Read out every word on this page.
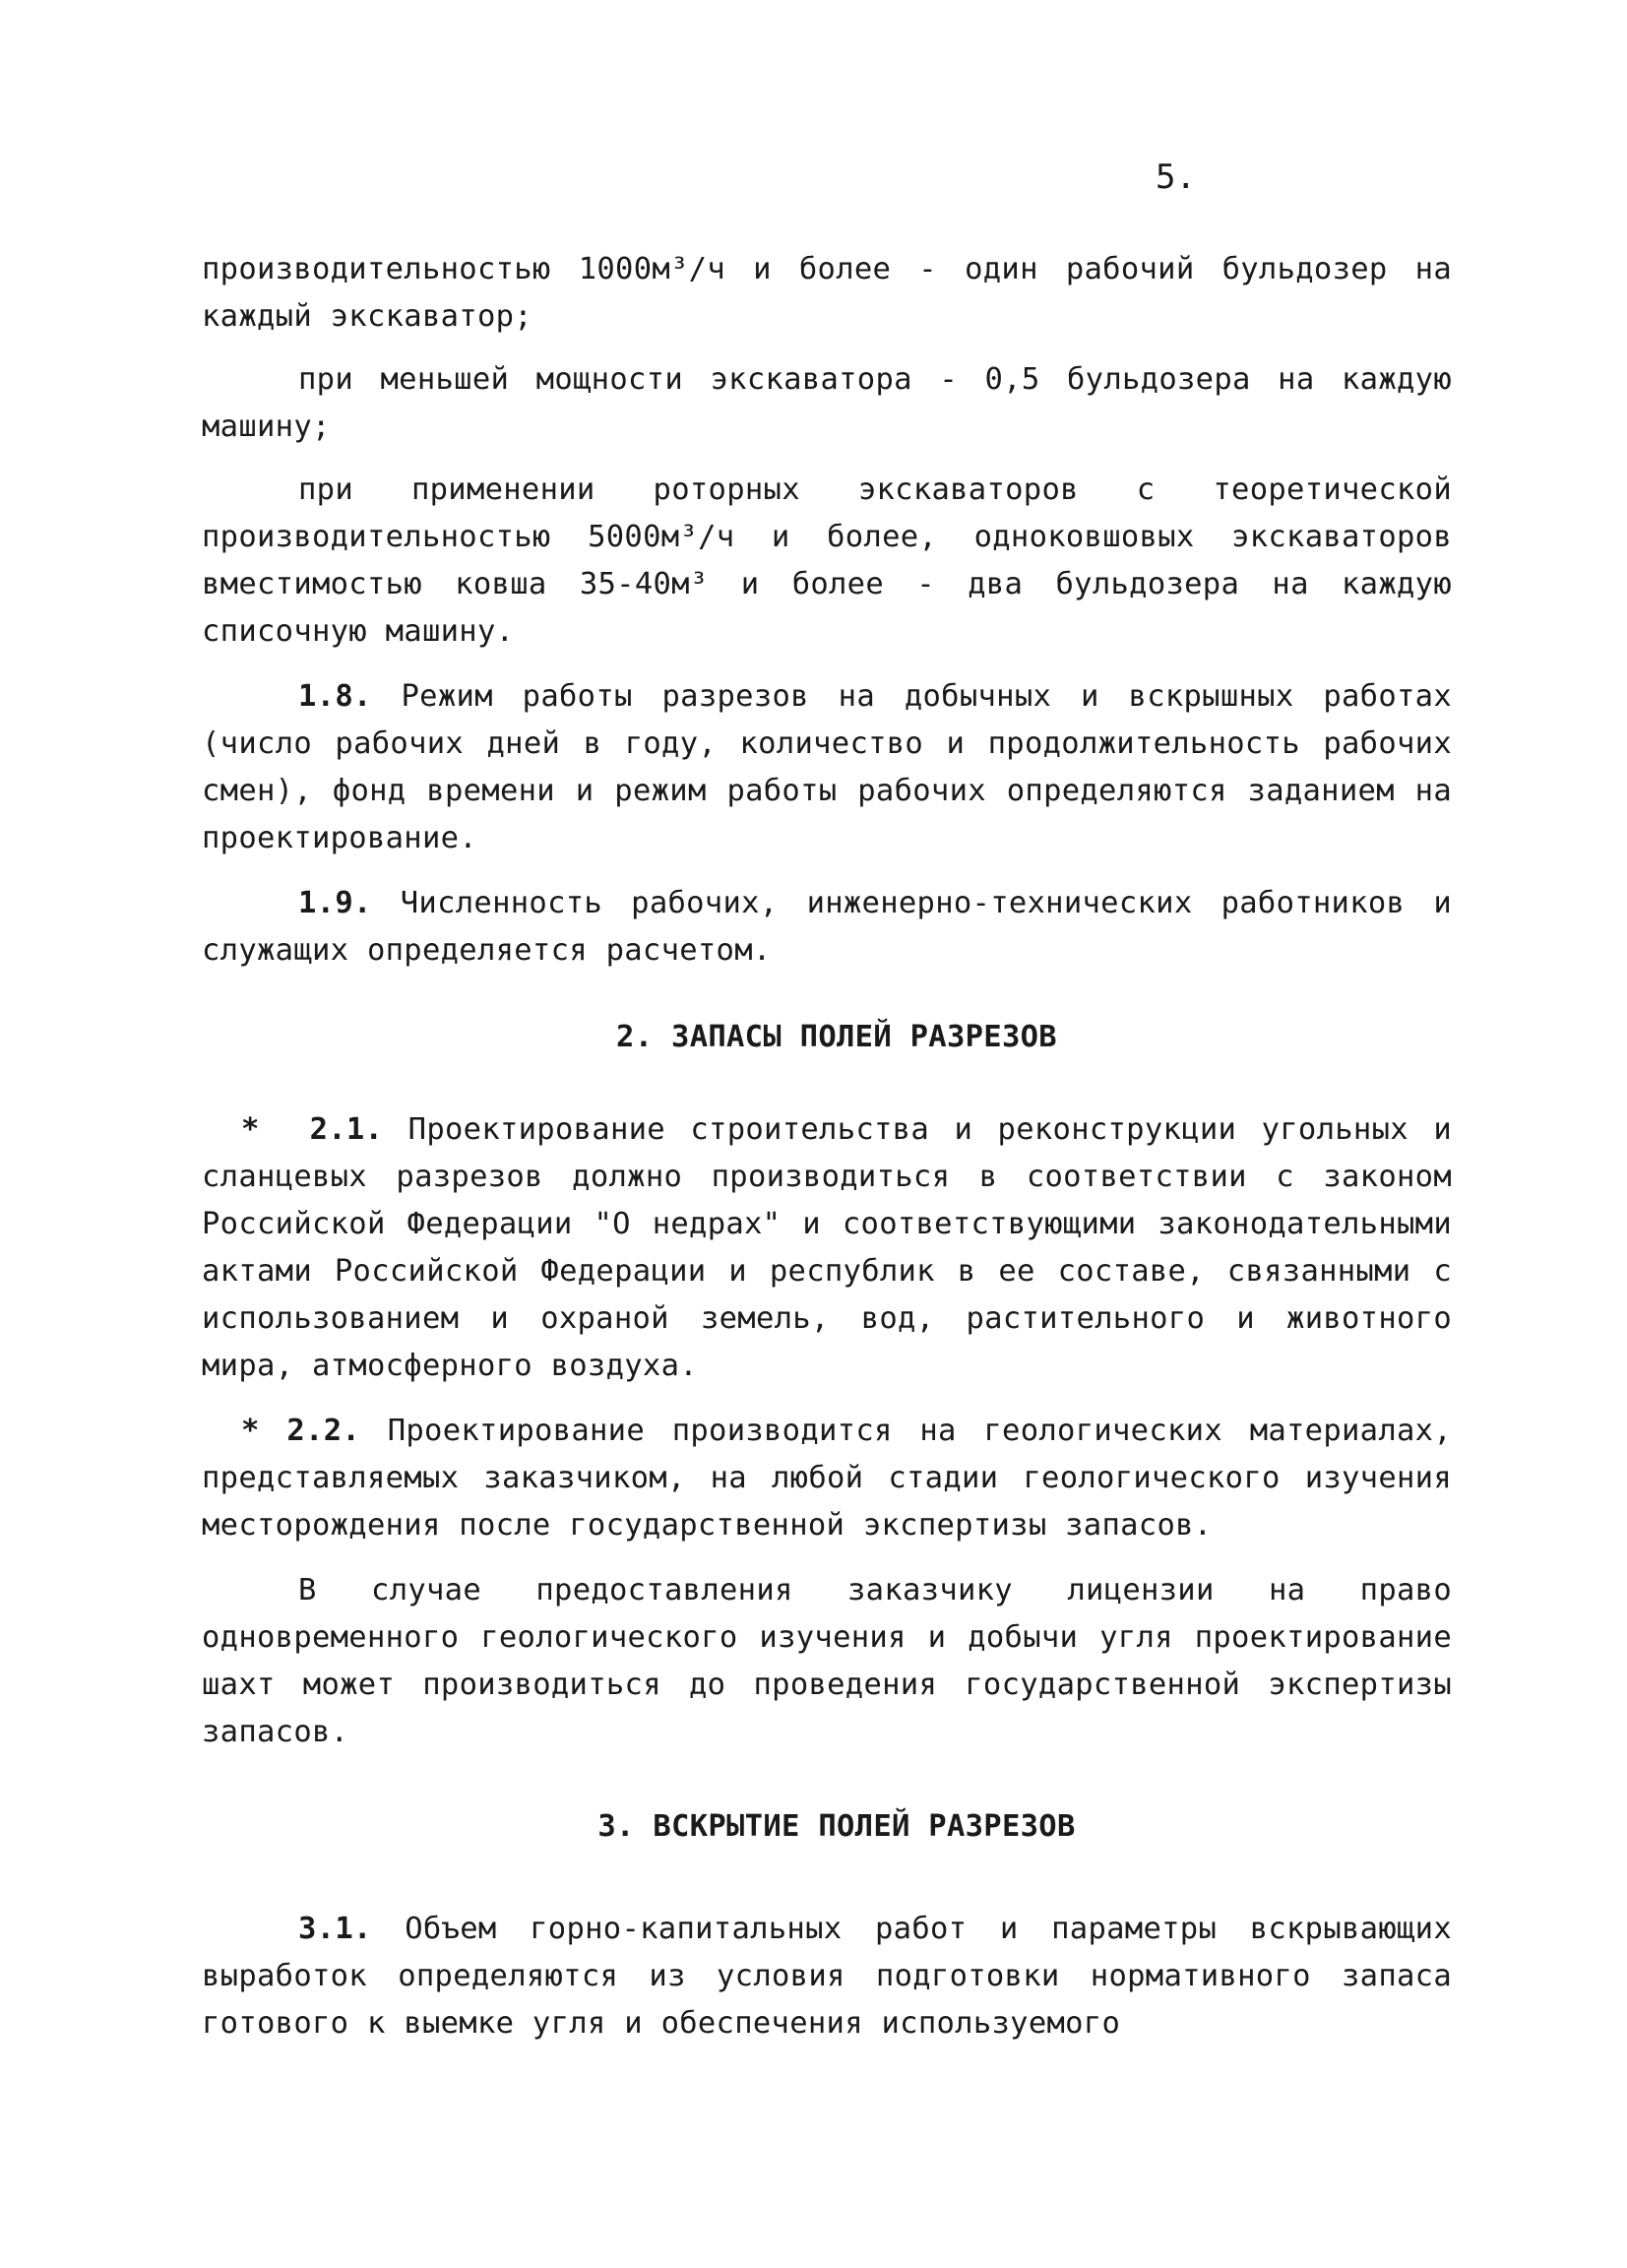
5.

производительностью 1000м³/ч и более - один рабочий бульдозер на каждый экскаватор;

при меньшей мощности экскаватора - 0,5 бульдозера на каждую машину;

при применении роторных экскаваторов с теоретической производительностью 5000м³/ч и более, одноковшовых экскаваторов вместимостью ковша 35-40м³ и более - два бульдозера на каждую списочную машину.

1.8. Режим работы разрезов на добычных и вскрышных работах (число рабочих дней в году, количество и продолжительность рабочих смен), фонд времени и режим работы рабочих определяются заданием на проектирование.

1.9. Численность рабочих, инженерно-технических работников и служащих определяется расчетом.

2. ЗАПАСЫ ПОЛЕЙ РАЗРЕЗОВ

* 2.1. Проектирование строительства и реконструкции угольных и сланцевых разрезов должно производиться в соответствии с законом Российской Федерации "О недрах" и соответствующими законодательными актами Российской Федерации и республик в ее составе, связанными с использованием и охраной земель, вод, растительного и животного мира, атмосферного воздуха.

* 2.2. Проектирование производится на геологических материалах, представляемых заказчиком, на любой стадии геологического изучения месторождения после государственной экспертизы запасов.

В случае предоставления заказчику лицензии на право одновременного геологического изучения и добычи угля проектирование шахт может производиться до проведения государственной экспертизы запасов.

3. ВСКРЫТИЕ ПОЛЕЙ РАЗРЕЗОВ

3.1. Объем горно-капитальных работ и параметры вскрывающих выработок определяются из условия подготовки нормативного запаса готового к выемке угля и обеспечения используемого
